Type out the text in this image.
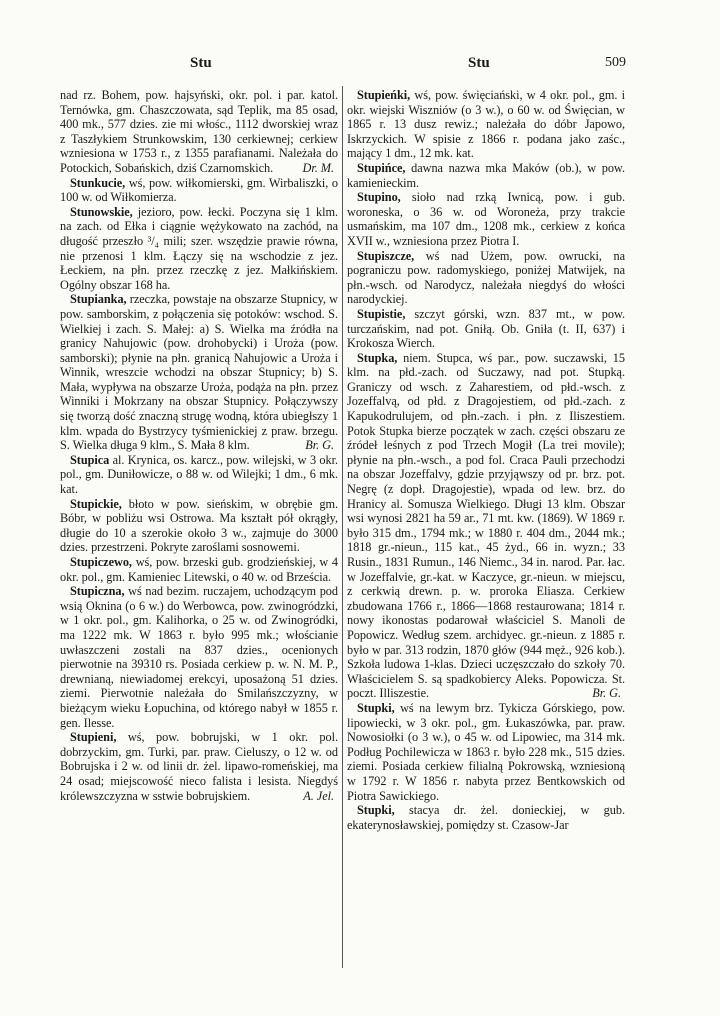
Stu	Stu	509

nad rz. Bohem, pow. hajsyński, okr. pol. i par. katol. Ternówka, gm. Chaszczowata, sąd Teplik, ma 85 osad, 400 mk., 577 dzies. zie mi włośc., 1112 dworskiej wraz z Taszłykiem Strunkowskim, 130 cerkiewnej; cerkiew wzniesiona w 1753 r., z 1355 parafianami. Należała do Potockich, Sobańskich, dziś Czarnomskich. Dr. M.

Stunkucie, wś, pow. wiłkomierski, gm. Wirbaliszki, o 100 w. od Wiłkomierza.

Stunowskie, jezioro, pow. łecki. Poczyna się 1 klm. na zach. od Ełka i ciągnie wężykowato na zachód, na długość przeszło ³/₄ mili; szer. wszędzie prawie równa, nie przenosi 1 klm. Łączy się na wschodzie z jez. Łeckiem, na płn. przez rzeczkę z jez. Małkińskiem. Ogólny obszar 168 ha.

Stupianka, rzeczka, powstaje na obszarze Stupnicy, w pow. samborskim, z połączenia się potoków: wschod. S. Wielkiej i zach. S. Małej: a) S. Wielka ma źródła na granicy Nahujowic (pow. drohobycki) i Urożа (pow. samborski); płynie na płn. granicą Nahujowic a Uroża i Winnik, wreszcie wchodzi na obszar Stupnicy; b) S. Mała, wypływa na obszarze Uroża, podąża na płn. przez Winniki i Mokrzany na obszar Stupnicy. Połączywszy się tworzą dość znaczną strugę wodną, która ubiegłszy 1 klm. wpada do Bystrzycy tyśmienickiej z praw. brzegu. S. Wielka długa 9 klm., S. Mała 8 klm.	Br. G.

Stupica al. Krynica, os. karcz., pow. wilejski, w 3 okr. pol., gm. Duniłowicze, o 88 w. od Wilejki; 1 dm., 6 mk. kat.

Stupickie, błoto w pow. sieńskim, w obrębie gm. Bóbr, w pobliżu wsi Ostrowa. Ma kształt pół okrągły, długie do 10 a szerokie około 3 w., zajmuje do 3000 dzies. przestrzeni. Pokryte zaroślami sosnowemi.

Stupiczewo, wś, pow. brzeski gub. grodzieńskiej, w 4 okr. pol., gm. Kamieniec Litewski, o 40 w. od Brześcia.

Stupiczna, wś nad bezim. ruczajem, uchodzącym pod wsią Oknina (o 6 w.) do Werbowca, pow. zwinogródzki, w 1 okr. pol., gm. Kalihorka, o 25 w. od Zwinogródki, ma 1222 mk. W 1863 r. było 995 mk.; włościanie uwłaszczeni zostali na 837 dzies., ocenionych pierwotnie na 39310 rs. Posiada cerkiew p. w. N. M. P., drewnianą, niewiadomej erekcyi, uposażoną 51 dzies. ziemi. Pierwotnie należała do Smilańszczyzny, w bieżącym wieku Łopuchina, od którego nabył w 1855 r. gen. Ilesse.

Stupieni, wś, pow. bobrujski, w 1 okr. pol. dobrzyckim, gm. Turki, par. praw. Cieluszy, o 12 w. od Bobrujska i 2 w. od linii dr. żel. lipawo-romeńskiej, ma 24 osad; miejscowość nieco falista i lesista. Niegdyś królewszczyzna w sstwie bobrujskiem.	A. Jel.

Stupieńki, wś, pow. święciański, w 4 okr. pol., gm. i okr. wiejski Wiszniów (o 3 w.), o 60 w. od Święcian, w 1865 r. 13 dusz rewiz.; należała do dóbr Japowo, Iskrzyckich. W spisie z 1866 r. podana jako zaśc., mający 1 dm., 12 mk. kat.

Stupińce, dawna nazwa mka Maków (ob.), w pow. kamienieckim.

Stupino, sioło nad rzką Iwnicą, pow. i gub. woroneska, o 36 w. od Woroneża, przy trakcie usmańskim, ma 107 dm., 1208 mk., cerkiew z końca XVII w., wzniesiona przez Piotra I.

Stupiszcze, wś nad Użem, pow. owrucki, na pograniczu pow. radomyskiego, poniżej Matwijek, na płn.-wsch. od Narodycz, należała niegdyś do włości narodyckiej.

Stupistie, szczyt górski, wzn. 837 mt., w pow. turczańskim, nad pot. Gniłą. Ob. Gniła (t. II, 637) i Krokosza Wierch.

Stupka, niem. Stupca, wś par., pow. suczawski, 15 klm. na płd.-zach. od Suczawy, nad pot. Stupką. Graniczy od wsch. z Zaharestiem, od płd.-wsch. z Jozeffalvą, od płd. z Dragojestiem, od płd.-zach. z Kapukodrulujem, od płn.-zach. i płn. z Iliszestiem. Potok Stupka bierze początek w zach. części obszaru ze źródeł leśnych z pod Trzech Mogił (La trei movile); płynie na płn.-wsch., a pod fol. Craca Pauli przechodzi na obszar Jozeffalvy, gdzie przyjąwszy od pr. brz. pot. Negrę (z dopł. Dragojestie), wpada od lew. brz. do Hranicy al. Somusza Wielkiego. Długi 13 klm. Obszar wsi wynosi 2821 ha 59 ar., 71 mt. kw. (1869). W 1869 r. było 315 dm., 1794 mk.; w 1880 r. 404 dm., 2044 mk.; 1818 gr.-nieun., 115 kat., 45 żyd., 66 in. wyzn.; 33 Rusin., 1831 Rumun., 146 Niemc., 34 in. narod. Par. łac. w Jozeffalvie, gr.-kat. w Kaczyce, gr.-nieun. w miejscu, z cerkwią drewn. p. w. proroka Eliasza. Cerkiew zbudowana 1766 r., 1866—1868 restaurowana; 1814 r. nowy ikonostas podarował właściciel S. Manoli de Popowicz. Według szem. archidyec. gr.-nieun. z 1885 r. było w par. 313 rodzin, 1870 głów (944 męż., 926 kob.). Szkoła ludowa 1-klas. Dzieci uczęszczało do szkoły 70. Właścicielem S. są spadkobiercy Aleks. Popowicza. St. poczt. Illiszestie.	Br. G.

Stupki, wś na lewym brz. Tykicza Górskiego, pow. lipowiecki, w 3 okr. pol., gm. Łukaszówka, par. praw. Nowosiołki (o 3 w.), o 45 w. od Lipowiec, ma 314 mk. Podług Pochilewicza w 1863 r. było 228 mk., 515 dzies. ziemi. Posiada cerkiew filialną Pokrowską, wzniesioną w 1792 r. W 1856 r. nabyta przez Bentkowskich od Piotra Sawickiego.

Stupki, stacya dr. żel. donieckiej, w gub. ekaterynosławskiej, pomiędzy st. Czasow-Jar
